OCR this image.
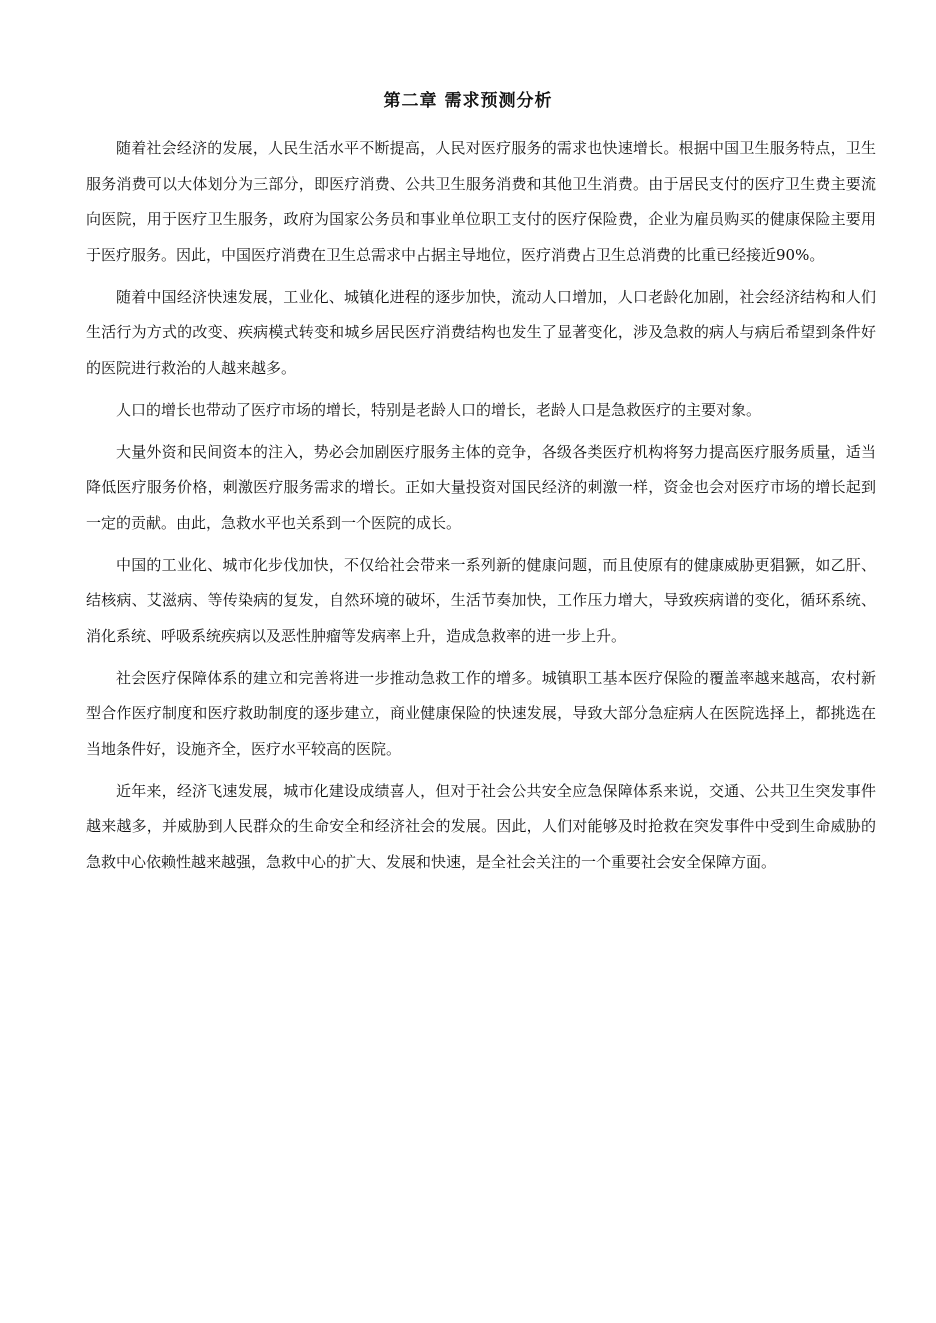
第二章 需求预测分析

随着社会经济的发展，人民生活水平不断提高，人民对医疗服务的需求也快速增长。根据中国卫生服务特点，卫生服务消费可以大体划分为三部分，即医疗消费、公共卫生服务消费和其他卫生消费。由于居民支付的医疗卫生费主要流向医院，用于医疗卫生服务，政府为国家公务员和事业单位职工支付的医疗保险费，企业为雇员购买的健康保险主要用于医疗服务。因此，中国医疗消费在卫生总需求中占据主导地位，医疗消费占卫生总消费的比重已经接近90%。

随着中国经济快速发展，工业化、城镇化进程的逐步加快，流动人口增加，人口老龄化加剧，社会经济结构和人们生活行为方式的改变、疾病模式转变和城乡居民医疗消费结构也发生了显著变化，涉及急救的病人与病后希望到条件好的医院进行救治的人越来越多。

人口的增长也带动了医疗市场的增长，特别是老龄人口的增长，老龄人口是急救医疗的主要对象。

大量外资和民间资本的注入，势必会加剧医疗服务主体的竞争，各级各类医疗机构将努力提高医疗服务质量，适当降低医疗服务价格，刺激医疗服务需求的增长。正如大量投资对国民经济的刺激一样，资金也会对医疗市场的增长起到一定的贡献。由此，急救水平也关系到一个医院的成长。

中国的工业化、城市化步伐加快，不仅给社会带来一系列新的健康问题，而且使原有的健康威胁更猖獗，如乙肝、结核病、艾滋病、等传染病的复发，自然环境的破坏，生活节奏加快，工作压力增大，导致疾病谱的变化，循环系统、消化系统、呼吸系统疾病以及恶性肿瘤等发病率上升，造成急救率的进一步上升。

社会医疗保障体系的建立和完善将进一步推动急救工作的增多。城镇职工基本医疗保险的覆盖率越来越高，农村新型合作医疗制度和医疗救助制度的逐步建立，商业健康保险的快速发展，导致大部分急症病人在医院选择上，都挑选在当地条件好，设施齐全，医疗水平较高的医院。

近年来，经济飞速发展，城市化建设成绩喜人，但对于社会公共安全应急保障体系来说，交通、公共卫生突发事件越来越多，并威胁到人民群众的生命安全和经济社会的发展。因此，人们对能够及时抢救在突发事件中受到生命威胁的急救中心依赖性越来越强，急救中心的扩大、发展和快速，是全社会关注的一个重要社会安全保障方面。
